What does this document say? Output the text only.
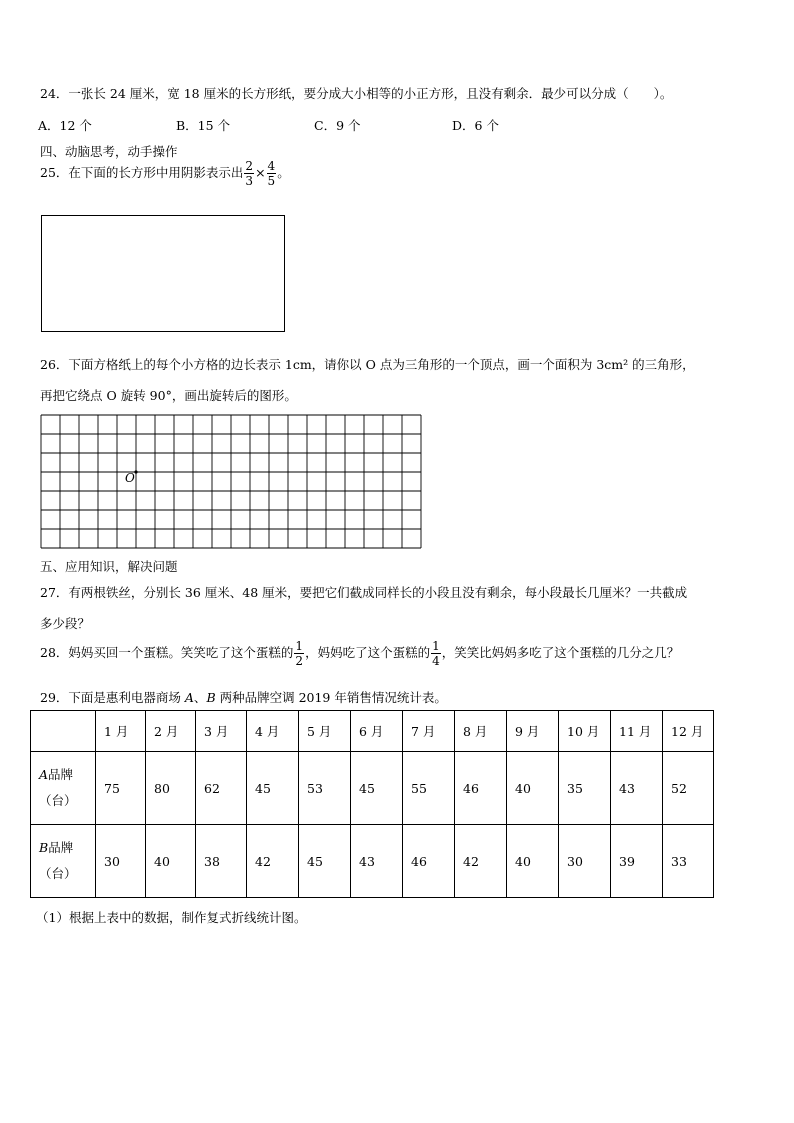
24．一张长 24 厘米，宽 18 厘米的长方形纸，要分成大小相等的小正方形，且没有剩余．最少可以分成（　　）。
A．12 个	B．15 个	C．9 个	D．6 个
四、动脑思考，动手操作
25．在下面的长方形中用阴影表示出 $\frac{2}{3} \times \frac{4}{5}$ 。
26．下面方格纸上的每个小方格的边长表示 1cm，请你以 O 点为三角形的一个顶点，画一个面积为 3cm² 的三角形，
再把它绕点 O 旋转 90°，画出旋转后的图形。
O
五、应用知识，解决问题
27．有两根铁丝，分别长 36 厘米、48 厘米，要把它们截成同样长的小段且没有剩余，每小段最长几厘米？一共截成
多少段？
28．妈妈买回一个蛋糕。笑笑吃了这个蛋糕的 $\frac{1}{2}$ ，妈妈吃了这个蛋糕的 $\frac{1}{4}$ ，笑笑比妈妈多吃了这个蛋糕的几分之几？
29．下面是惠利电器商场 A、B 两种品牌空调 2019 年销售情况统计表。
	1 月	2 月	3 月	4 月	5 月	6 月	7 月	8 月	9 月	10 月	11 月	12 月
A品牌
（台）	75	80	62	45	53	45	55	46	40	35	43	52
B品牌
（台）	30	40	38	42	45	43	46	42	40	30	39	33
（1）根据上表中的数据，制作复式折线统计图。
